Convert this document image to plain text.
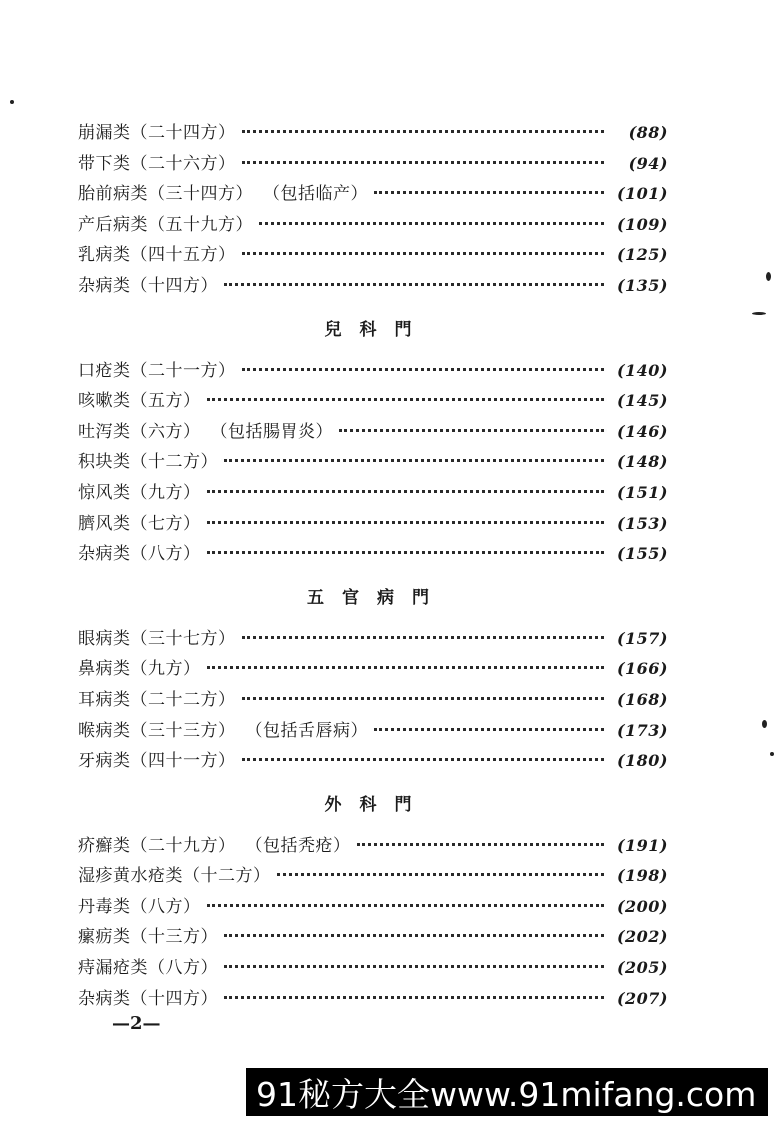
崩漏类（二十四方）	(88)
带下类（二十六方）	(94)
胎前病类（三十四方） （包括临产）	(101)
产后病类（五十九方）	(109)
乳病类（四十五方）	(125)
杂病类（十四方）	(135)
兒科門
口疮类（二十一方）	(140)
咳嗽类（五方）	(145)
吐泻类（六方） （包括腸胃炎）	(146)
积块类（十二方）	(148)
惊风类（九方）	(151)
臍风类（七方）	(153)
杂病类（八方）	(155)
五官病門
眼病类（三十七方）	(157)
鼻病类（九方）	(166)
耳病类（二十二方）	(168)
喉病类（三十三方） （包括舌唇病）	(173)
牙病类（四十一方）	(180)
外科門
疥癬类（二十九方） （包括秃疮）	(191)
湿疹黄水疮类（十二方）	(198)
丹毒类（八方）	(200)
瘰疬类（十三方）	(202)
痔漏疮类（八方）	(205)
杂病类（十四方）	(207)
—2—
91秘方大全www.91mifang.com
